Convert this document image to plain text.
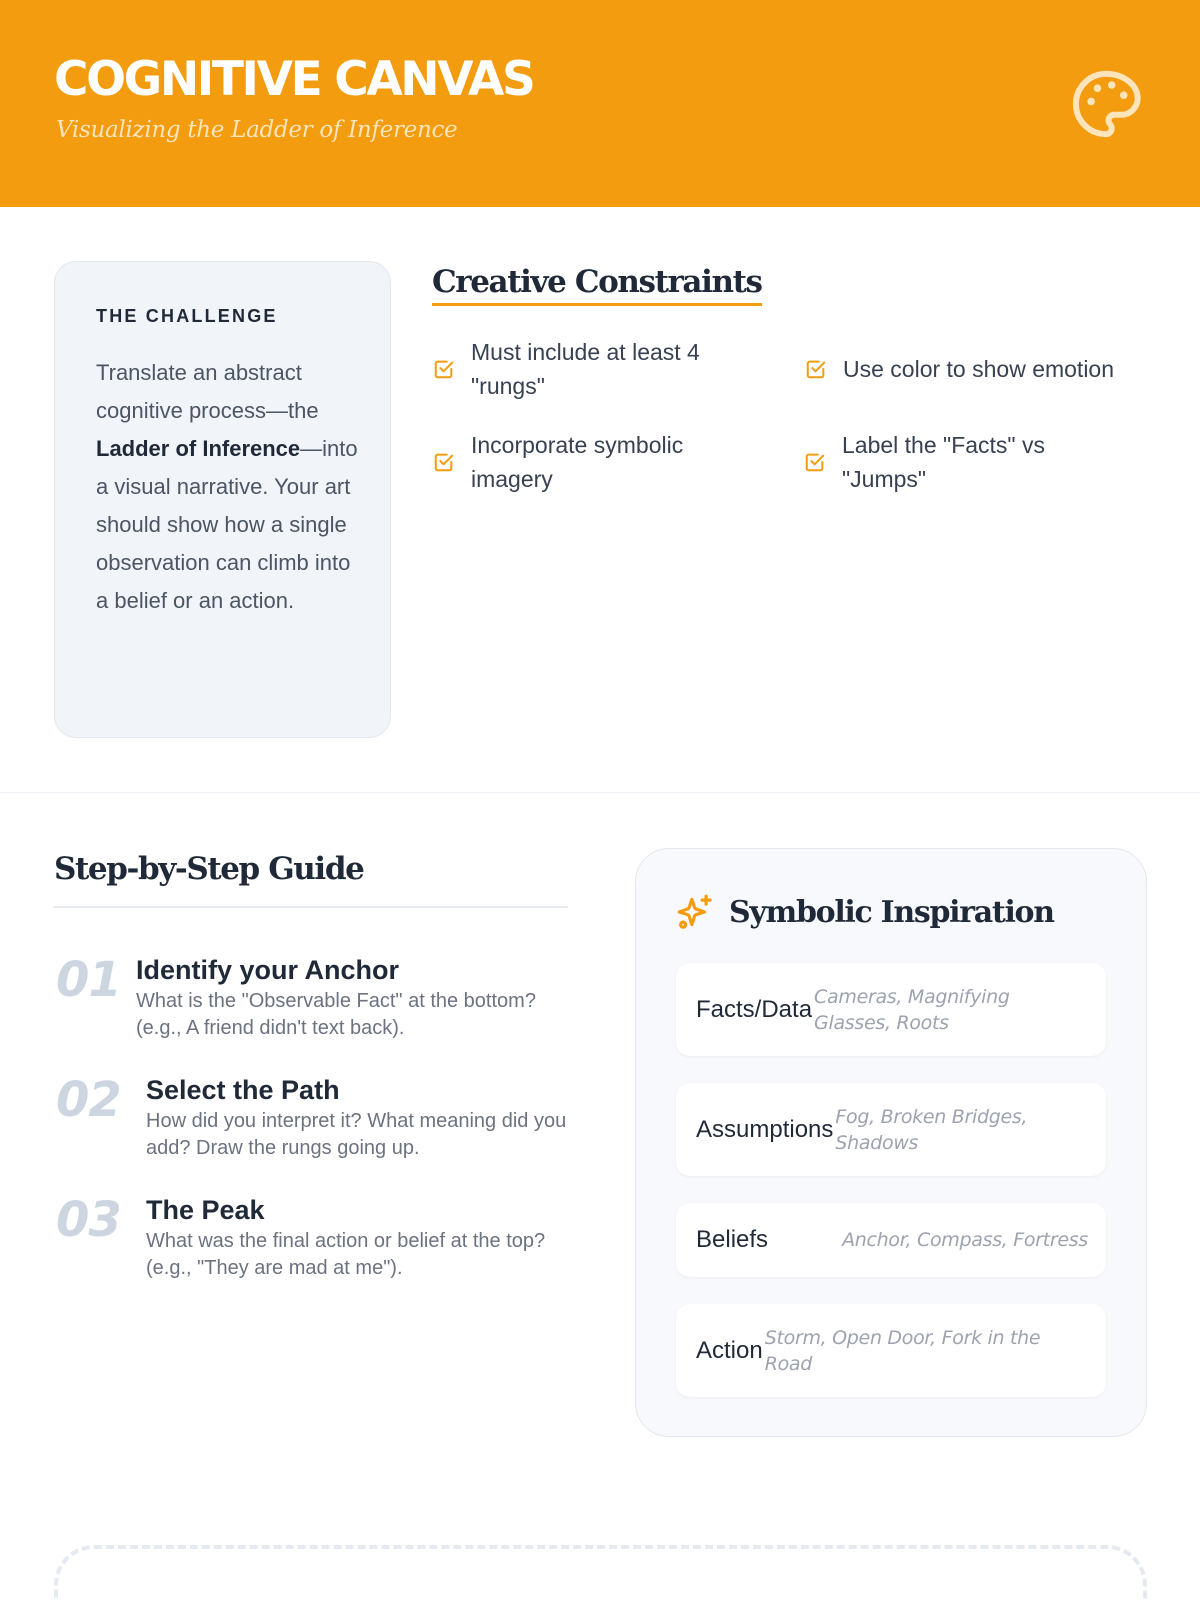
COGNITIVE CANVAS
Visualizing the Ladder of Inference
THE CHALLENGE
Translate an abstract cognitive process—the Ladder of Inference—into a visual narrative. Your art should show how a single observation can climb into a belief or an action.
Creative Constraints
Must include at least 4 "rungs"
Use color to show emotion
Incorporate symbolic imagery
Label the "Facts" vs "Jumps"
Step-by-Step Guide
01 Identify your Anchor
What is the "Observable Fact" at the bottom? (e.g., A friend didn't text back).
02 Select the Path
How did you interpret it? What meaning did you add? Draw the rungs going up.
03 The Peak
What was the final action or belief at the top? (e.g., "They are mad at me").
Symbolic Inspiration
Facts/Data Cameras, Magnifying Glasses, Roots
Assumptions Fog, Broken Bridges, Shadows
Beliefs	Anchor, Compass, Fortress
Action Storm, Open Door, Fork in the Road
